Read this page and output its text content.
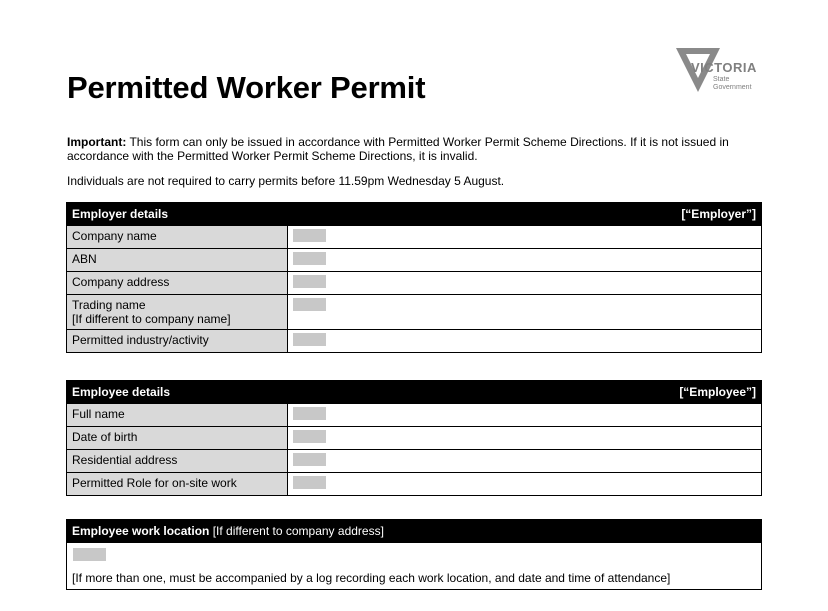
VICTORIA
State
Government
Permitted Worker Permit

Important: This form can only be issued in accordance with Permitted Worker Permit Scheme Directions. If it is not issued in accordance with the Permitted Worker Permit Scheme Directions, it is invalid.

Individuals are not required to carry permits before 11.59pm Wednesday 5 August.

Employer details [“Employer”]	

Company name	
ABN	
Company address	

Trading name
[If different to company name]	

Permitted industry/activity	
Employee details [“Employee”]	

Full name	
Date of birth	
Residential address	
Permitted Role for on-site work	
Employee work location [If different to company address]
[If more than one, must be accompanied by a log recording each work location, and date and time of attendance]
